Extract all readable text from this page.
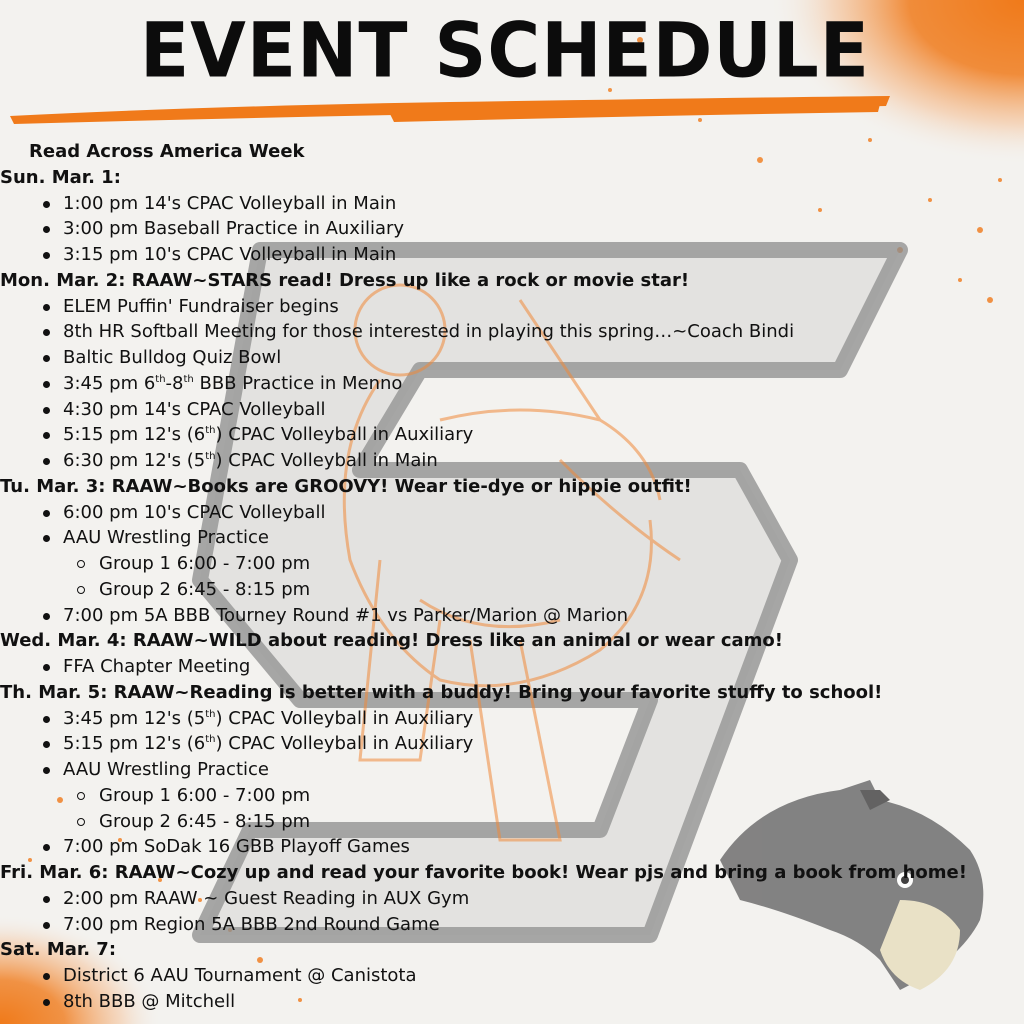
EVENT SCHEDULE
Read Across America Week
Sun. Mar. 1:
1:00 pm 14's CPAC Volleyball in Main
3:00 pm Baseball Practice in Auxiliary
3:15 pm 10's CPAC Volleyball in Main
Mon. Mar. 2: RAAW~STARS read! Dress up like a rock or movie star!
ELEM Puffin' Fundraiser begins
8th HR Softball Meeting for those interested in playing this spring…~Coach Bindi
Baltic Bulldog Quiz Bowl
3:45 pm 6th-8th BBB Practice in Menno
4:30 pm 14's CPAC Volleyball
5:15 pm 12's (6th) CPAC Volleyball in Auxiliary
6:30 pm 12's (5th) CPAC Volleyball in Main
Tu. Mar. 3: RAAW~Books are GROOVY! Wear tie-dye or hippie outfit!
6:00 pm 10's CPAC Volleyball
AAU Wrestling Practice
Group 1 6:00 - 7:00 pm
Group 2 6:45 - 8:15 pm
7:00 pm 5A BBB Tourney Round #1 vs Parker/Marion @ Marion
Wed. Mar. 4: RAAW~WILD about reading! Dress like an animal or wear camo!
FFA Chapter Meeting
Th. Mar. 5: RAAW~Reading is better with a buddy! Bring your favorite stuffy to school!
3:45 pm 12's (5th) CPAC Volleyball in Auxiliary
5:15 pm 12's (6th) CPAC Volleyball in Auxiliary
AAU Wrestling Practice
Group 1 6:00 - 7:00 pm
Group 2 6:45 - 8:15 pm
7:00 pm SoDak 16 GBB Playoff Games
Fri. Mar. 6: RAAW~Cozy up and read your favorite book! Wear pjs and bring a book from home!
2:00 pm RAAW ~ Guest Reading in AUX Gym
7:00 pm Region 5A BBB 2nd Round Game
Sat. Mar. 7:
District 6 AAU Tournament @ Canistota
8th BBB @ Mitchell
